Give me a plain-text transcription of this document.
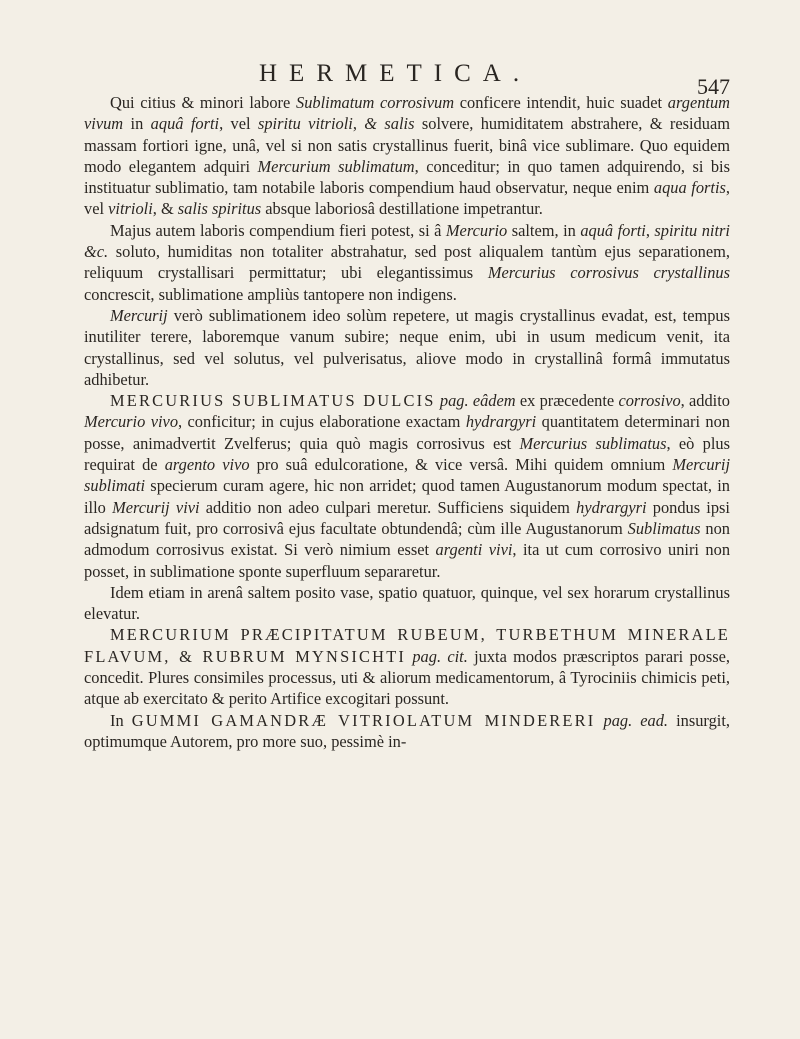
HERMETICA.	547

Qui citius & minori labore Sublimatum corrosivum conficere intendit, huic suadet argentum vivum in aquâ forti, vel spiritu vitrioli, & salis solvere, humiditatem abstrahere, & residuam massam fortiori igne, unâ, vel si non satis crystallinus fuerit, binâ vice sublimare. Quo equidem modo elegantem adquiri Mercurium sublimatum, conceditur; in quo tamen adquirendo, si bis instituatur sublimatio, tam notabile laboris compendium haud observatur, neque enim aqua fortis, vel vitrioli, & salis spiritus absque laboriosâ destillatione impetrantur.

Majus autem laboris compendium fieri potest, si â Mercurio saltem, in aquâ forti, spiritu nitri &c. soluto, humiditas non totaliter abstrahatur, sed post aliqualem tantùm ejus separationem, reliquum crystallisari permittatur; ubi elegantissimus Mercurius corrosivus crystallinus concrescit, sublimatione ampliùs tantopere non indigens.

Mercurij verò sublimationem ideo solùm repetere, ut magis crystallinus evadat, est, tempus inutiliter terere, laboremque vanum subire; neque enim, ubi in usum medicum venit, ita crystallinus, sed vel solutus, vel pulverisatus, aliove modo in crystallinâ formâ immutatus adhibetur.

MERCURIUS SUBLIMATUS DULCIS pag. eâdem ex præcedente corrosivo, addito Mercurio vivo, conficitur; in cujus elaboratione exactam hydrargyri quantitatem determinari non posse, animadvertit Zvelferus; quia quò magis corrosivus est Mercurius sublimatus, eò plus requirat de argento vivo pro suâ edulcoratione, & vice versâ. Mihi quidem omnium Mercurij sublimati specierum curam agere, hic non arridet; quod tamen Augustanorum modum spectat, in illo Mercurij vivi additio non adeo culpari meretur. Sufficiens siquidem hydrargyri pondus ipsi adsignatum fuit, pro corrosivâ ejus facultate obtundendâ; cùm ille Augustanorum Sublimatus non admodum corrosivus existat. Si verò nimium esset argenti vivi, ita ut cum corrosivo uniri non posset, in sublimatione sponte superfluum separaretur.

Idem etiam in arenâ saltem posito vase, spatio quatuor, quinque, vel sex horarum crystallinus elevatur.

MERCURIUM PRÆCIPITATUM RUBEUM, TURBETHUM MINERALE FLAVUM, & RUBRUM MYNSICHTI pag. cit. juxta modos præscriptos parari posse, concedit. Plures consimiles processus, uti & aliorum medicamentorum, â Tyrociniis chimicis peti, atque ab exercitato & perito Artifice excogitari possunt.

In GUMMI GAMANDRÆ VITRIOLATUM MINDERERI pag. ead. insurgit, optimumque Autorem, pro more suo, pessimè in-
